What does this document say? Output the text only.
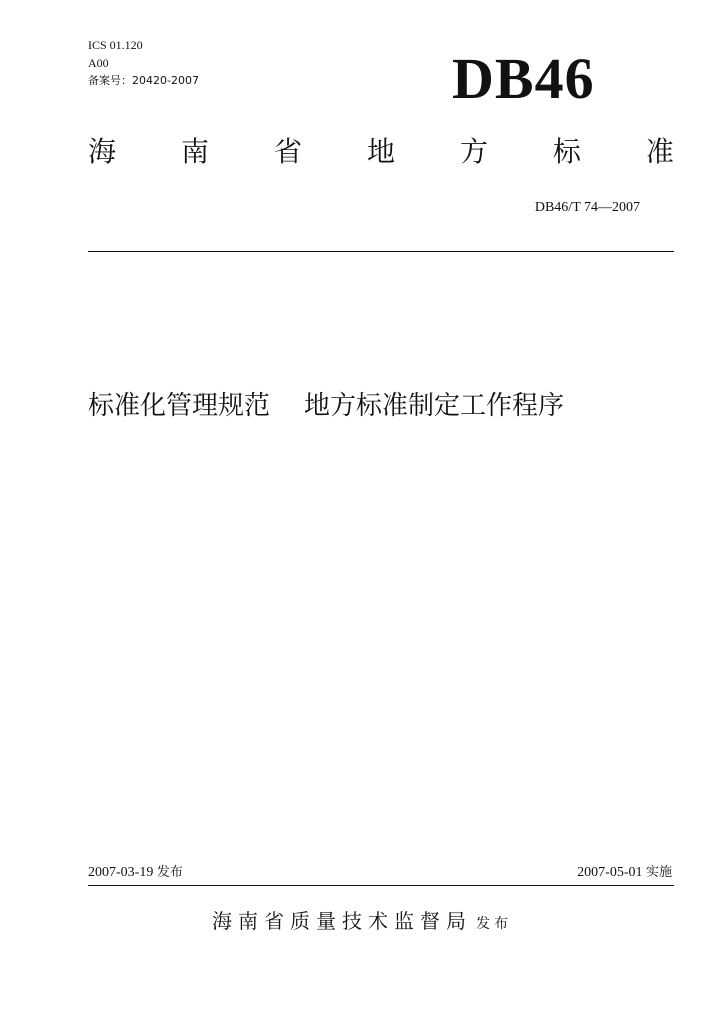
ICS 01.120
A00
备案号：20420-2007	DB46
海 南 省 地 方 标 准
DB46/T 74—2007
标准化管理规范 地方标准制定工作程序
2007-03-19 发布	2007-05-01 实施
海南省质量技术监督局 发布
